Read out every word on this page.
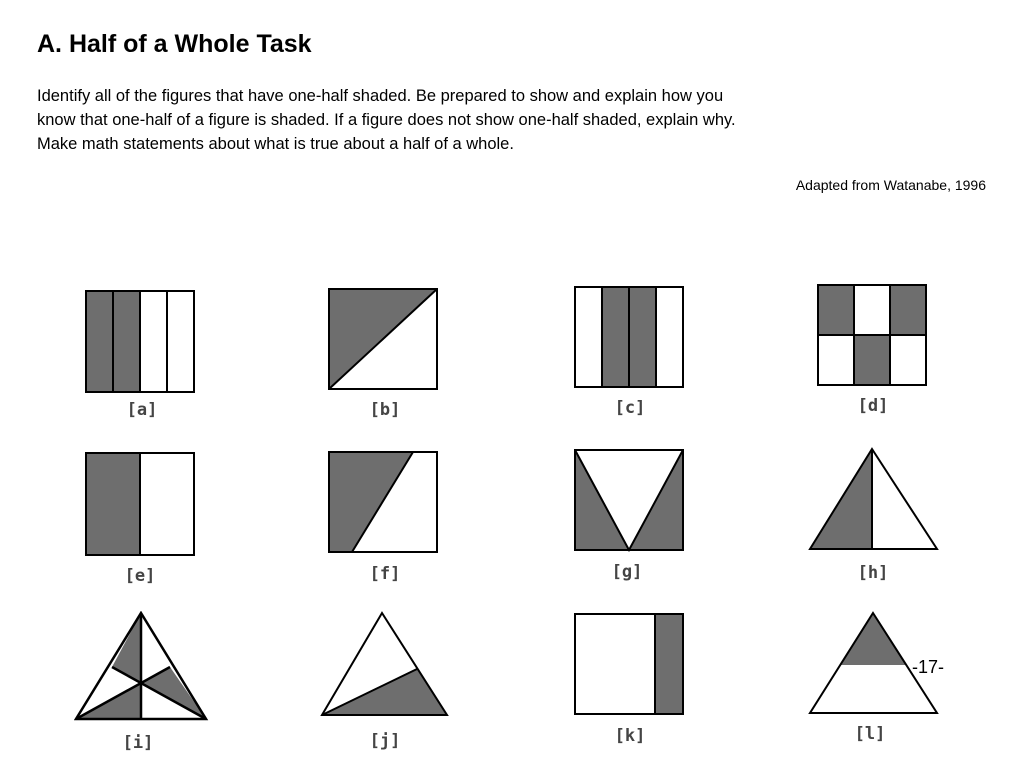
A. Half of a Whole Task
Identify all of the figures that have one-half shaded. Be prepared to show and explain how you
know that one-half of a figure is shaded. If a figure does not show one-half shaded, explain why.
Make math statements about what is true about a half of a whole.
Adapted from Watanabe, 1996
[a]	[b]	[c]	[d]
[e]	[f]	[g]	[h]
[i]	[j]	[k]	[l]
-17-
